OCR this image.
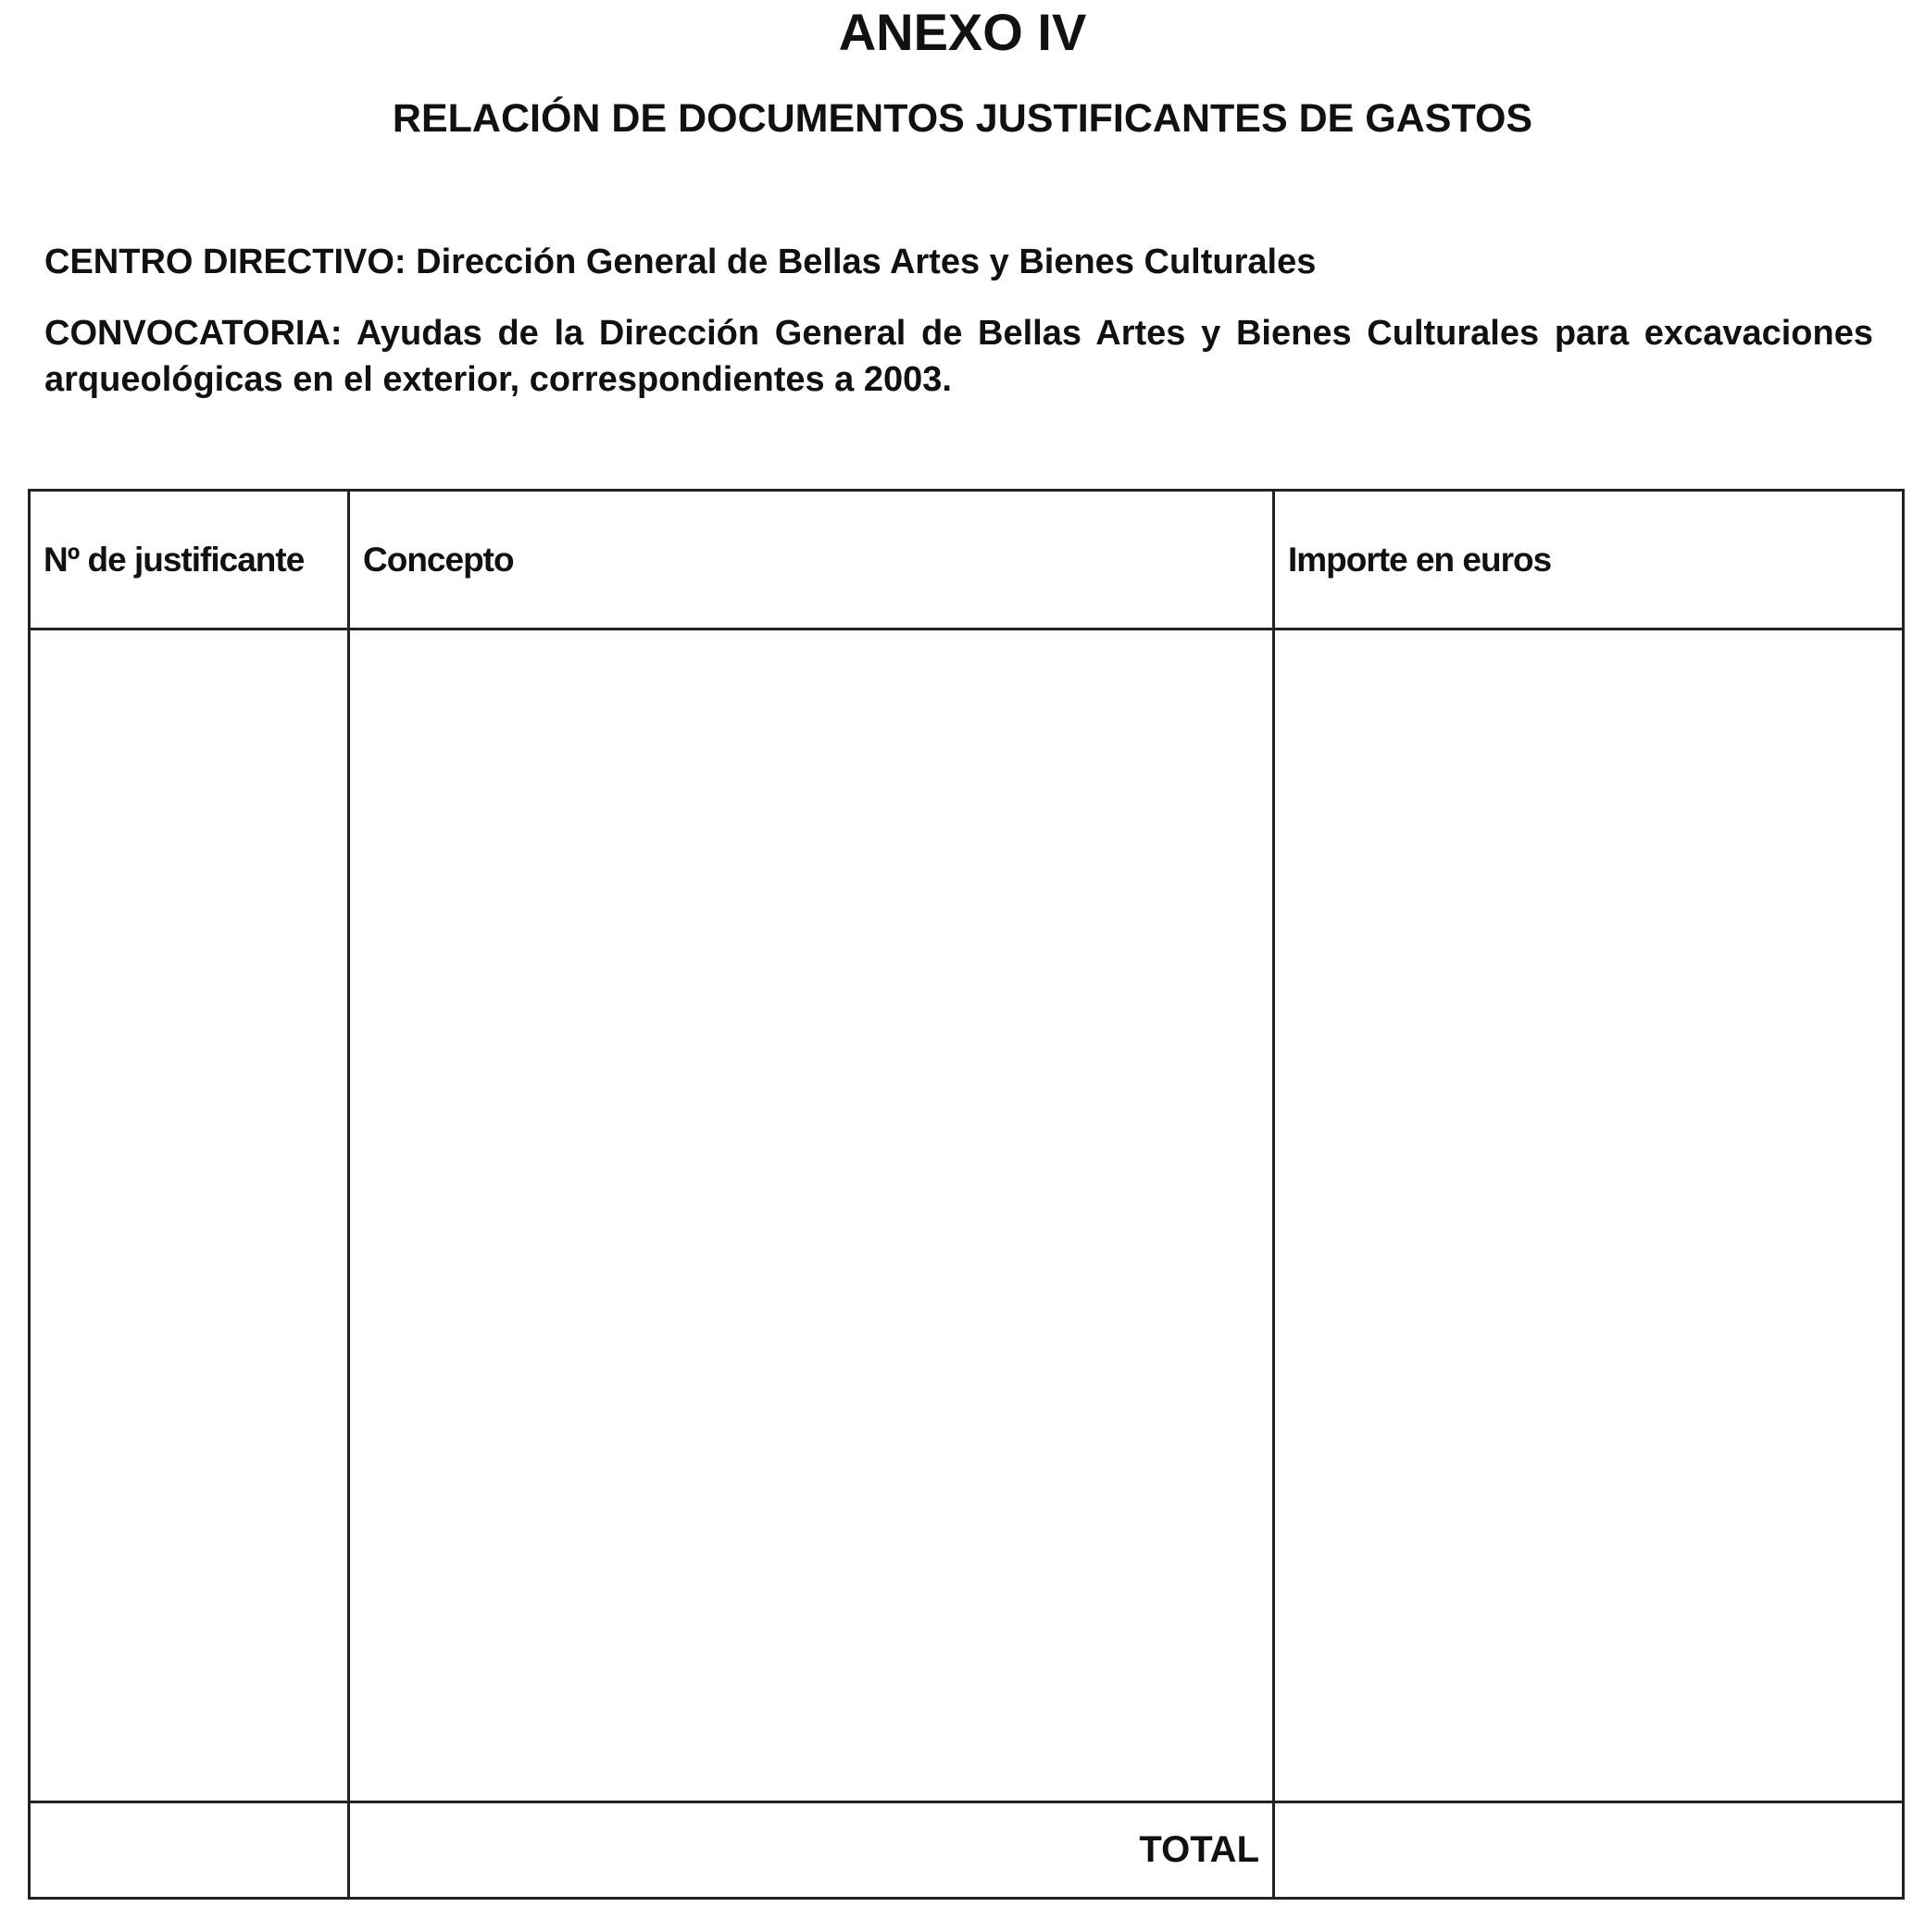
ANEXO IV
RELACIÓN DE DOCUMENTOS JUSTIFICANTES DE GASTOS

CENTRO DIRECTIVO: Dirección General de Bellas Artes y Bienes Culturales

CONVOCATORIA: Ayudas de la Dirección General de Bellas Artes y Bienes Culturales para excavaciones arqueológicas en el exterior, correspondientes a 2003.

Nº de justificante	Concepto	Importe en euros

	TOTAL	
